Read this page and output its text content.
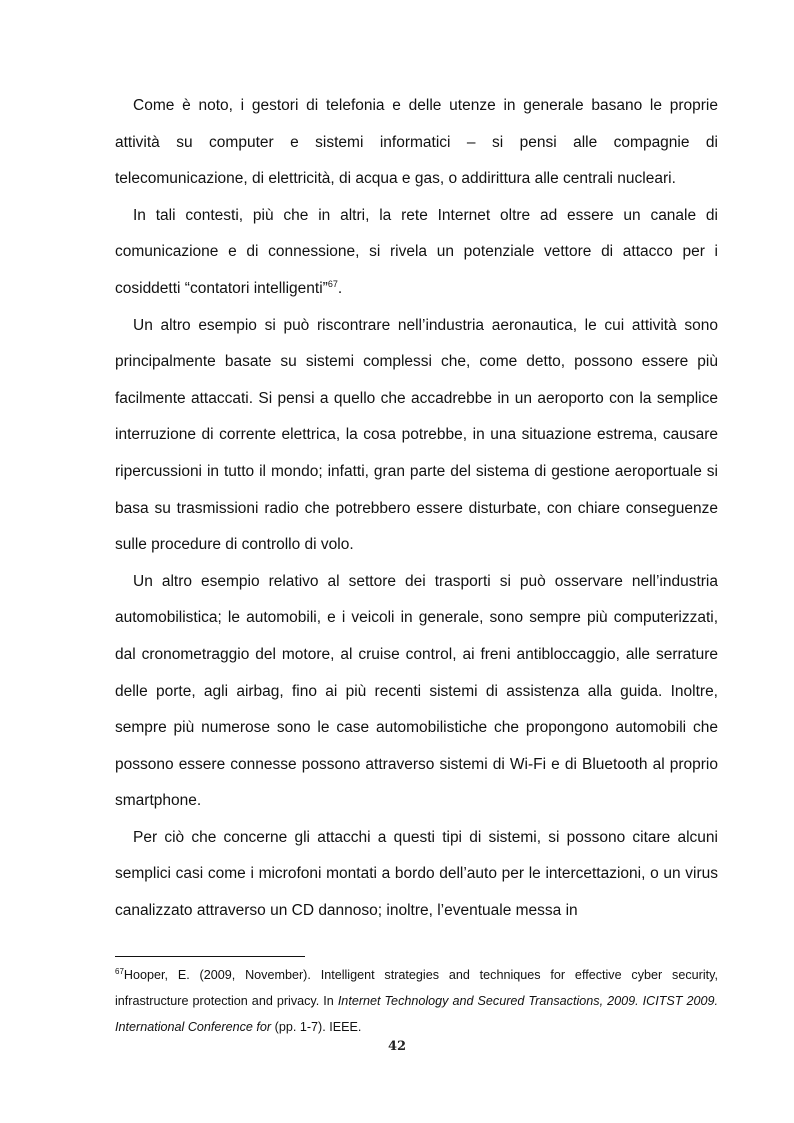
Come è noto, i gestori di telefonia e delle utenze in generale basano le proprie attività su computer e sistemi informatici – si pensi alle compagnie di telecomunicazione, di elettricità, di acqua e gas, o addirittura alle centrali nucleari.

In tali contesti, più che in altri, la rete Internet oltre ad essere un canale di comunicazione e di connessione, si rivela un potenziale vettore di attacco per i cosiddetti “contatori intelligenti”$^{67}$.

Un altro esempio si può riscontrare nell’industria aeronautica, le cui attività sono principalmente basate su sistemi complessi che, come detto, possono essere più facilmente attaccati. Si pensi a quello che accadrebbe in un aeroporto con la semplice interruzione di corrente elettrica, la cosa potrebbe, in una situazione estrema, causare ripercussioni in tutto il mondo; infatti, gran parte del sistema di gestione aeroportuale si basa su trasmissioni radio che potrebbero essere disturbate, con chiare conseguenze sulle procedure di controllo di volo.

Un altro esempio relativo al settore dei trasporti si può osservare nell’industria automobilistica; le automobili, e i veicoli in generale, sono sempre più computerizzati, dal cronometraggio del motore, al cruise control, ai freni antibloccaggio, alle serrature delle porte, agli airbag, fino ai più recenti sistemi di assistenza alla guida. Inoltre, sempre più numerose sono le case automobilistiche che propongono automobili che possono essere connesse possono attraverso sistemi di Wi-Fi e di Bluetooth al proprio smartphone.

Per ciò che concerne gli attacchi a questi tipi di sistemi, si possono citare alcuni semplici casi come i microfoni montati a bordo dell’auto per le intercettazioni, o un virus canalizzato attraverso un CD dannoso; inoltre, l’eventuale messa in

$^{67}$Hooper, E. (2009, November). Intelligent strategies and techniques for effective cyber security, infrastructure protection and privacy. In Internet Technology and Secured Transactions, 2009. ICITST 2009. International Conference for (pp. 1-7). IEEE.
42
